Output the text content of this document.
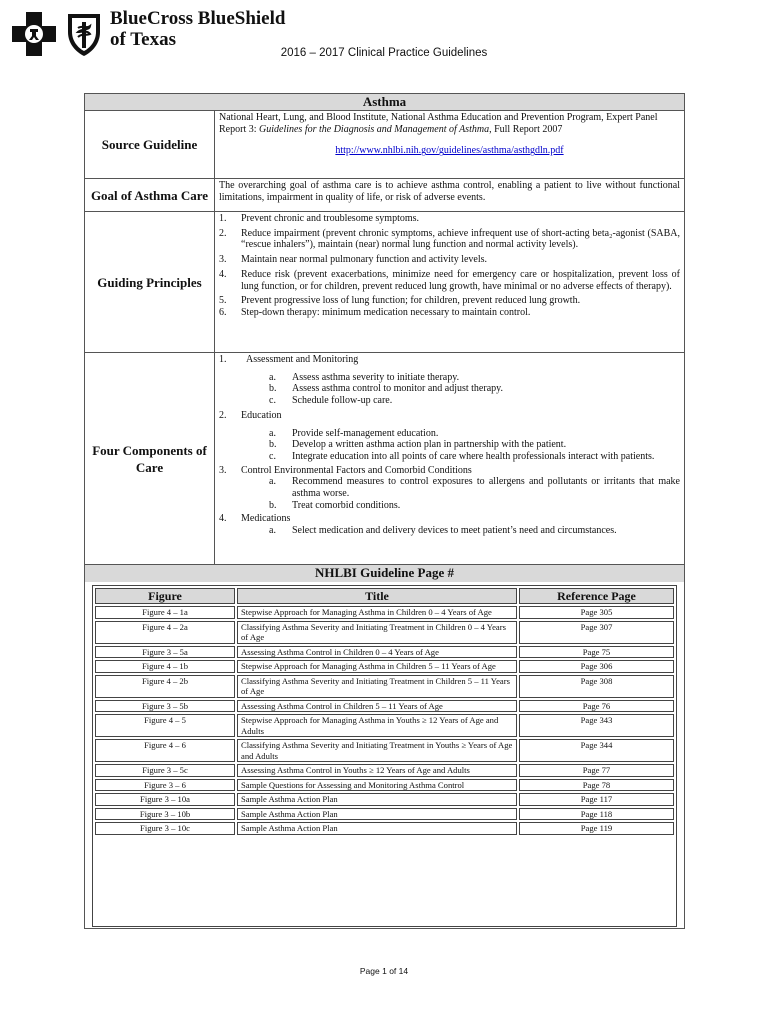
BlueCross BlueShield
of Texas
2016 – 2017 Clinical Practice Guidelines
Asthma
Source Guideline

National Heart, Lung, and Blood Institute, National Asthma Education and Prevention Program, Expert Panel Report 3: Guidelines for the Diagnosis and Management of Asthma, Full Report 2007

http://www.nhlbi.nih.gov/guidelines/asthma/asthgdln.pdf
Goal of Asthma Care
The overarching goal of asthma care is to achieve asthma control, enabling a patient to live without functional limitations, impairment in quality of life, or risk of adverse events.
Guiding Principles
1.	Prevent chronic and troublesome symptoms.
2.	Reduce impairment (prevent chronic symptoms, achieve infrequent use of short-acting beta₂-agonist (SABA, “rescue inhalers”), maintain (near) normal lung function and normal activity levels).
3.	Maintain near normal pulmonary function and activity levels.
4.	Reduce risk (prevent exacerbations, minimize need for emergency care or hospitalization, prevent loss of lung function, or for children, prevent reduced lung growth, have minimal or no adverse effects of therapy).
5.	Prevent progressive loss of lung function; for children, prevent reduced lung growth.
6.	Step-down therapy: minimum medication necessary to maintain control.
Four Components of Care
1.	Assessment and Monitoring
a.	Assess asthma severity to initiate therapy.
b.	Assess asthma control to monitor and adjust therapy.
c.	Schedule follow-up care.
2.	Education
a.	Provide self-management education.
b.	Develop a written asthma action plan in partnership with the patient.
c.	Integrate education into all points of care where health professionals interact with patients.
3.	Control Environmental Factors and Comorbid Conditions
a.	Recommend measures to control exposures to allergens and pollutants or irritants that make asthma worse.
b.	Treat comorbid conditions.
4.	Medications
a.	Select medication and delivery devices to meet patient’s need and circumstances.
NHLBI Guideline Page #
Figure	Title	Reference Page
Figure 4 – 1a	Stepwise Approach for Managing Asthma in Children 0 – 4 Years of Age	Page 305
Figure 4 – 2a	Classifying Asthma Severity and Initiating Treatment in Children 0 – 4 Years of Age	Page 307
Figure 3 – 5a	Assessing Asthma Control in Children 0 – 4 Years of Age	Page 75
Figure 4 – 1b	Stepwise Approach for Managing Asthma in Children 5 – 11 Years of Age	Page 306
Figure 4 – 2b	Classifying Asthma Severity and Initiating Treatment in Children 5 – 11 Years of Age	Page 308
Figure 3 – 5b	Assessing Asthma Control in Children 5 – 11 Years of Age	Page 76
Figure 4 – 5	Stepwise Approach for Managing Asthma in Youths ≥ 12 Years of Age and Adults	Page 343
Figure 4 – 6	Classifying Asthma Severity and Initiating Treatment in Youths ≥ Years of Age and Adults	Page 344
Figure 3 – 5c	Assessing Asthma Control in Youths ≥ 12 Years of Age and Adults	Page 77
Figure 3 – 6	Sample Questions for Assessing and Monitoring Asthma Control	Page 78
Figure 3 – 10a	Sample Asthma Action Plan	Page 117
Figure 3 – 10b	Sample Asthma Action Plan	Page 118
Figure 3 – 10c	Sample Asthma Action Plan	Page 119
Page 1 of 14
